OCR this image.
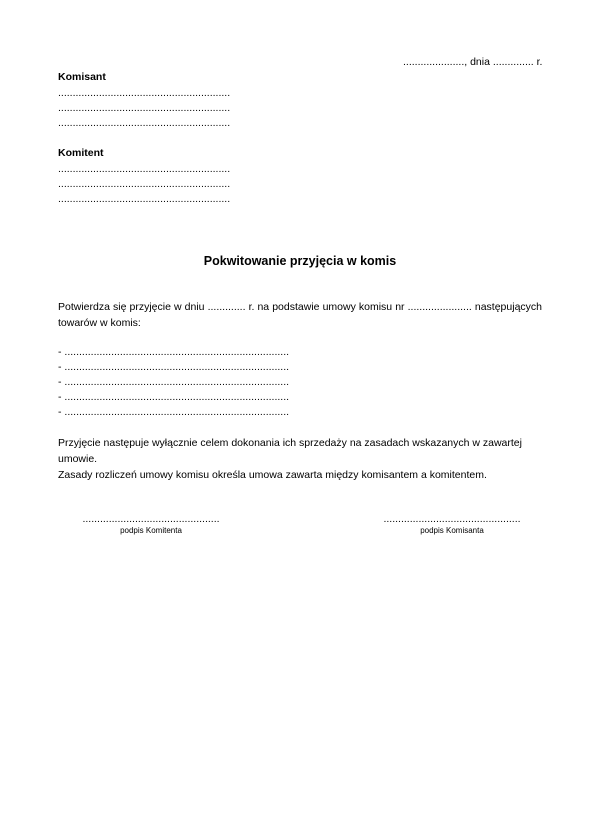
....................., dnia .............. r.
Komisant
...........................................................
...........................................................
...........................................................
Komitent
...........................................................
...........................................................
...........................................................
Pokwitowanie przyjęcia w komis
Potwierdza się przyjęcie w dniu ............. r. na podstawie umowy komisu nr ...................... następujących
towarów w komis:
- .............................................................................
- .............................................................................
- .............................................................................
- .............................................................................
- .............................................................................
Przyjęcie następuje wyłącznie celem dokonania ich sprzedaży na zasadach wskazanych w zawartej umowie.
Zasady rozliczeń umowy komisu określa umowa zawarta między komisantem a komitentem.
...............................................
podpis Komitenta
...............................................
podpis Komisanta
